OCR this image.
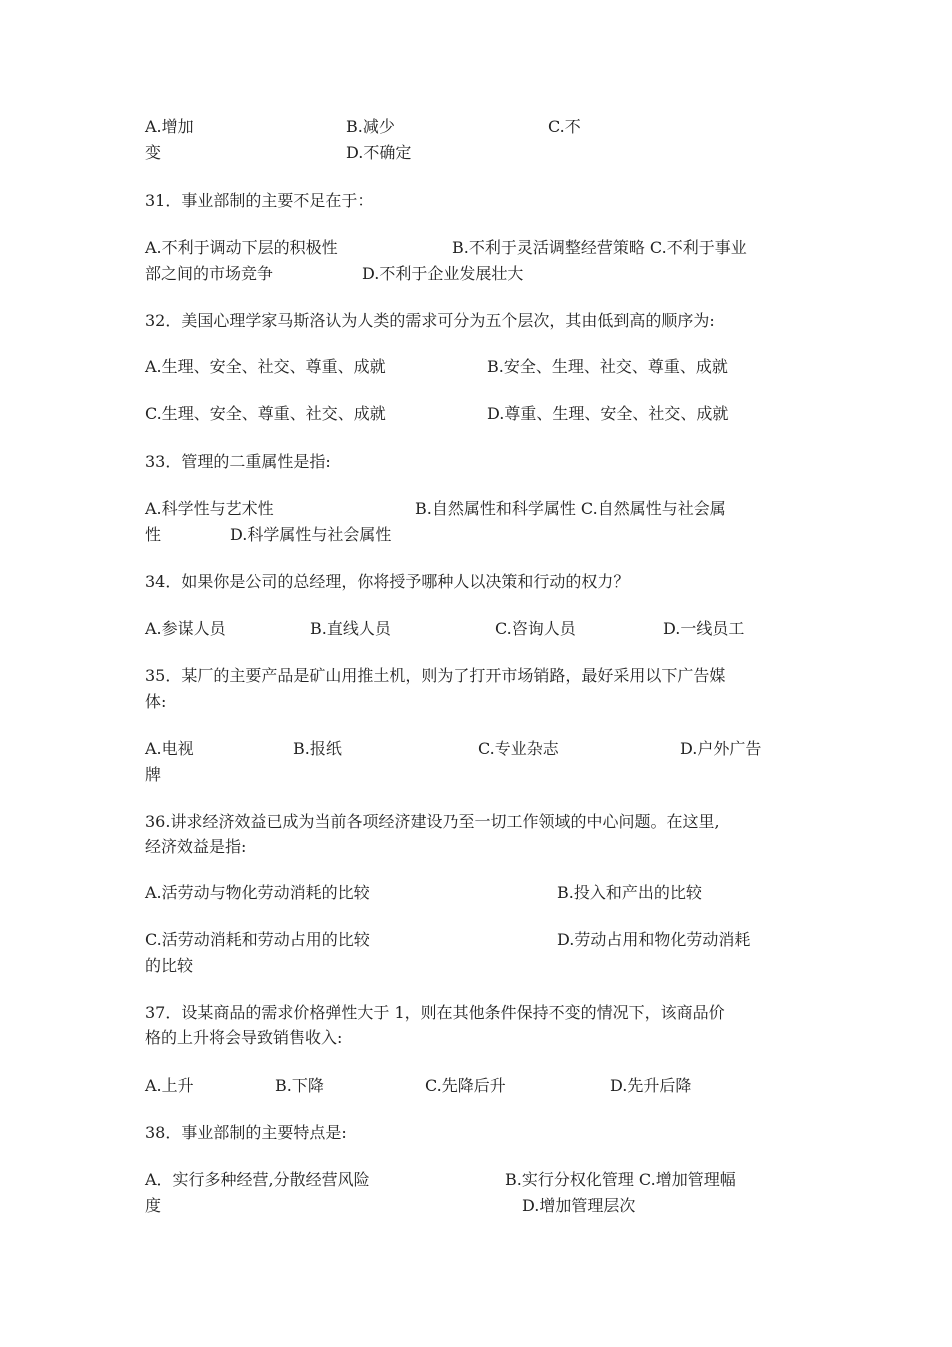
A.增加

	B.减少

	C.不

变

	D.不确定

31．事业部制的主要不足在于：

A.不利于调动下层的积极性

	B.不利于灵活调整经营策略 C.不利于事业

部之间的市场竞争

	D.不利于企业发展壮大

32．美国心理学家马斯洛认为人类的需求可分为五个层次，其由低到高的顺序为:

A.生理、安全、社交、尊重、成就

	B.安全、生理、社交、尊重、成就

C.生理、安全、尊重、社交、成就

	D.尊重、生理、安全、社交、成就

33．管理的二重属性是指:

A.科学性与艺术性

	B.自然属性和科学属性 C.自然属性与社会属

性

	D.科学属性与社会属性

34．如果你是公司的总经理，你将授予哪种人以决策和行动的权力？

A.参谋人员

	B.直线人员

	C.咨询人员

	D.一线员工

35．某厂的主要产品是矿山用推土机，则为了打开市场销路，最好采用以下广告媒
体:

A.电视

	B.报纸

	C.专业杂志

	D.户外广告

牌

36.讲求经济效益已成为当前各项经济建设乃至一切工作领域的中心问题。在这里,
经济效益是指:

A.活劳动与物化劳动消耗的比较

	B.投入和产出的比较

C.活劳动消耗和劳动占用的比较

	D.劳动占用和物化劳动消耗

的比较

37．设某商品的需求价格弹性大于 1，则在其他条件保持不变的情况下，该商品价
格的上升将会导致销售收入:

A.上升

	B.下降

	C.先降后升

	D.先升后降

38．事业部制的主要特点是:

A．实行多种经营,分散经营风险

	B.实行分权化管理 C.增加管理幅

度

	D.增加管理层次
